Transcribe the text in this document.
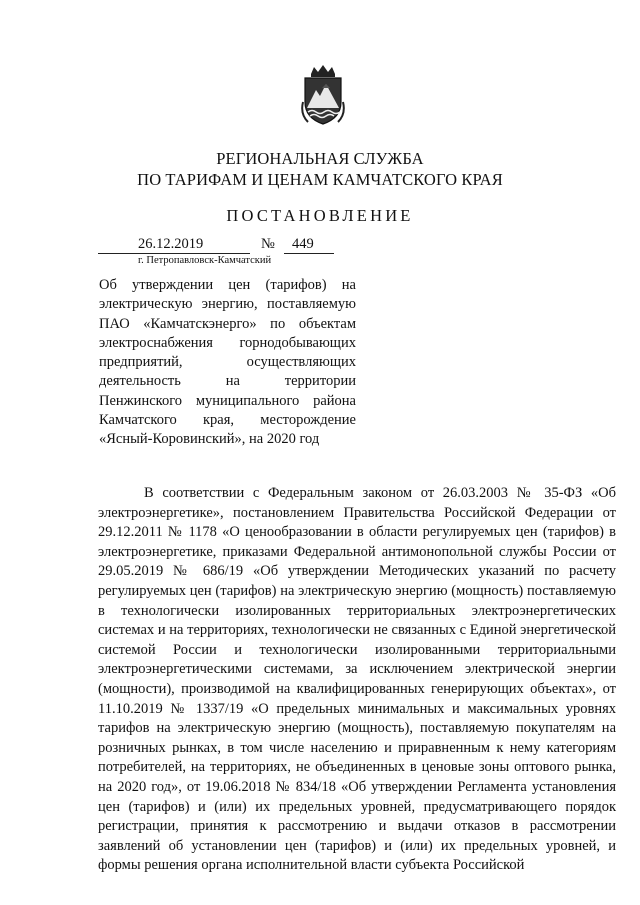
РЕГИОНАЛЬНАЯ СЛУЖБА
ПО ТАРИФАМ И ЦЕНАМ КАМЧАТСКОГО КРАЯ
ПОСТАНОВЛЕНИЕ
26.12.2019	№ 449
г. Петропавловск-Камчатский
Об утверждении цен (тарифов) на электрическую энергию, поставляемую ПАО «Камчатскэнерго» по объектам электроснабжения горнодобывающих предприятий, осуществляющих деятельность на территории Пенжинского муниципального района Камчатского края, месторождение «Ясный-Коровинский», на 2020 год
В соответствии с Федеральным законом от 26.03.2003 № 35-ФЗ «Об электроэнергетике», постановлением Правительства Российской Федерации от 29.12.2011 № 1178 «О ценообразовании в области регулируемых цен (тарифов) в электроэнергетике, приказами Федеральной антимонопольной службы России от 29.05.2019 № 686/19 «Об утверждении Методических указаний по расчету регулируемых цен (тарифов) на электрическую энергию (мощность) поставляемую в технологически изолированных территориальных электроэнергетических системах и на территориях, технологически не связанных с Единой энергетической системой России и технологически изолированными территориальными электроэнергетическими системами, за исключением электрической энергии (мощности), производимой на квалифицированных генерирующих объектах», от 11.10.2019 № 1337/19 «О предельных минимальных и максимальных уровнях тарифов на электрическую энергию (мощность), поставляемую покупателям на розничных рынках, в том числе населению и приравненным к нему категориям потребителей, на территориях, не объединенных в ценовые зоны оптового рынка, на 2020 год», от 19.06.2018 № 834/18 «Об утверждении Регламента установления цен (тарифов) и (или) их предельных уровней, предусматривающего порядок регистрации, принятия к рассмотрению и выдачи отказов в рассмотрении заявлений об установлении цен (тарифов) и (или) их предельных уровней, и формы решения органа исполнительной власти субъекта Российской
